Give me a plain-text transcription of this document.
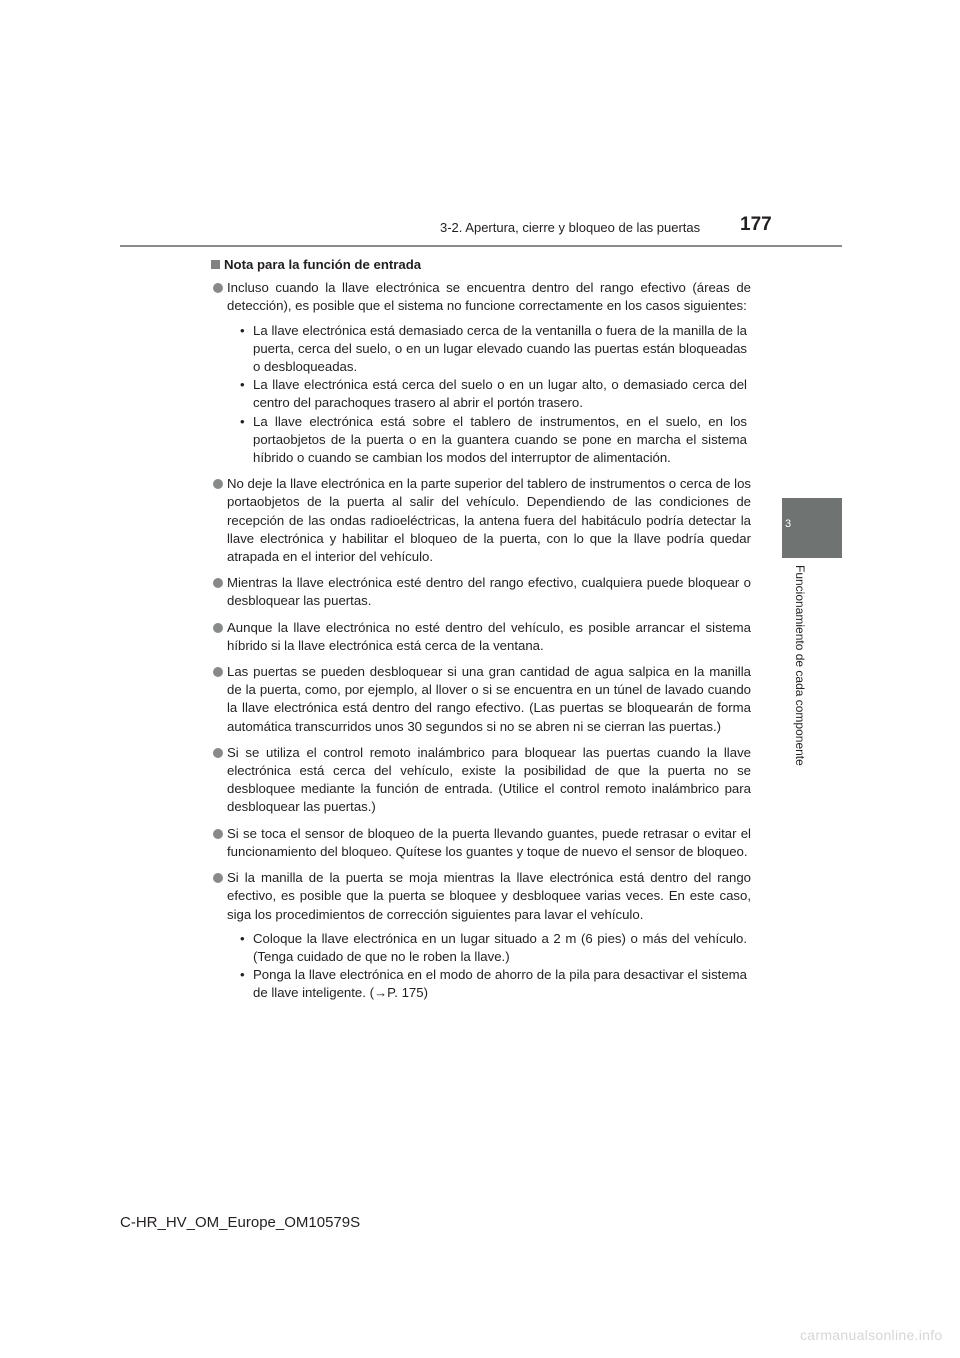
3-2. Apertura, cierre y bloqueo de las puertas 177
3
Funcionamiento de cada componente
Nota para la función de entrada
Incluso cuando la llave electrónica se encuentra dentro del rango efectivo (áreas de detección), es posible que el sistema no funcione correctamente en los casos siguientes:
• La llave electrónica está demasiado cerca de la ventanilla o fuera de la manilla de la puerta, cerca del suelo, o en un lugar elevado cuando las puertas están bloqueadas o desbloqueadas.
• La llave electrónica está cerca del suelo o en un lugar alto, o demasiado cerca del centro del parachoques trasero al abrir el portón trasero.
• La llave electrónica está sobre el tablero de instrumentos, en el suelo, en los portaobjetos de la puerta o en la guantera cuando se pone en marcha el sistema híbrido o cuando se cambian los modos del interruptor de alimentación.
No deje la llave electrónica en la parte superior del tablero de instrumentos o cerca de los portaobjetos de la puerta al salir del vehículo. Dependiendo de las condiciones de recepción de las ondas radioeléctricas, la antena fuera del habitáculo podría detectar la llave electrónica y habilitar el bloqueo de la puerta, con lo que la llave podría quedar atrapada en el interior del vehículo.
Mientras la llave electrónica esté dentro del rango efectivo, cualquiera puede bloquear o desbloquear las puertas.
Aunque la llave electrónica no esté dentro del vehículo, es posible arrancar el sistema híbrido si la llave electrónica está cerca de la ventana.
Las puertas se pueden desbloquear si una gran cantidad de agua salpica en la manilla de la puerta, como, por ejemplo, al llover o si se encuentra en un túnel de lavado cuando la llave electrónica está dentro del rango efectivo. (Las puertas se bloquearán de forma automática transcurridos unos 30 segundos si no se abren ni se cierran las puertas.)
Si se utiliza el control remoto inalámbrico para bloquear las puertas cuando la llave electrónica está cerca del vehículo, existe la posibilidad de que la puerta no se desbloquee mediante la función de entrada. (Utilice el control remoto inalámbrico para desbloquear las puertas.)
Si se toca el sensor de bloqueo de la puerta llevando guantes, puede retrasar o evitar el funcionamiento del bloqueo. Quítese los guantes y toque de nuevo el sensor de bloqueo.
Si la manilla de la puerta se moja mientras la llave electrónica está dentro del rango efectivo, es posible que la puerta se bloquee y desbloquee varias veces. En este caso, siga los procedimientos de corrección siguientes para lavar el vehículo.
• Coloque la llave electrónica en un lugar situado a 2 m (6 pies) o más del vehículo. (Tenga cuidado de que no le roben la llave.)
• Ponga la llave electrónica en el modo de ahorro de la pila para desactivar el sistema de llave inteligente. (→P. 175)
C-HR_HV_OM_Europe_OM10579S
carmanualsonline.info
